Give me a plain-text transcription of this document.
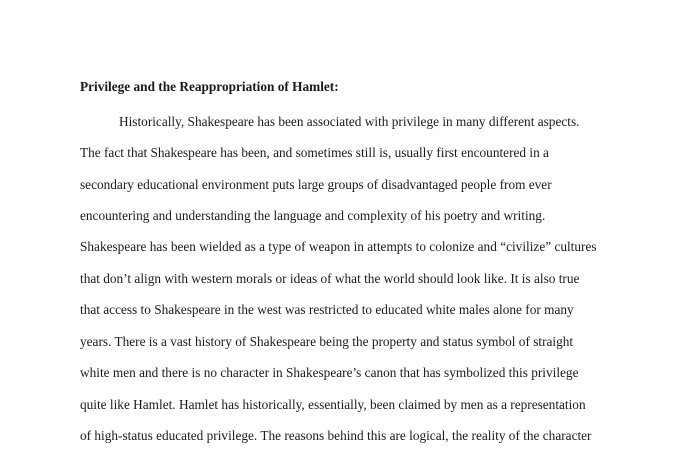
Privilege and the Reappropriation of Hamlet:
Historically, Shakespeare has been associated with privilege in many different aspects.
The fact that Shakespeare has been, and sometimes still is, usually first encountered in a
secondary educational environment puts large groups of disadvantaged people from ever
encountering and understanding the language and complexity of his poetry and writing.
Shakespeare has been wielded as a type of weapon in attempts to colonize and “civilize” cultures
that don’t align with western morals or ideas of what the world should look like. It is also true
that access to Shakespeare in the west was restricted to educated white males alone for many
years. There is a vast history of Shakespeare being the property and status symbol of straight
white men and there is no character in Shakespeare’s canon that has symbolized this privilege
quite like Hamlet. Hamlet has historically, essentially, been claimed by men as a representation
of high-status educated privilege. The reasons behind this are logical, the reality of the character
